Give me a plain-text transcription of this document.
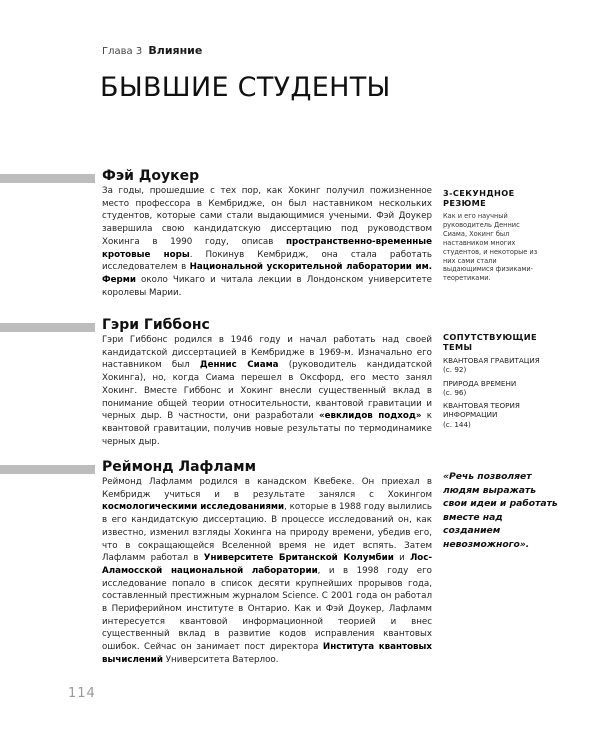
Глава 3 Влияние
БЫВШИЕ СТУДЕНТЫ
Фэй Доукер

За годы, прошедшие с тех пор, как Хокинг получил пожизненное место профессора в Кембридже, он был наставником нескольких студентов, которые сами стали выдающимися учеными. Фэй Доукер завершила свою кандидатскую диссертацию под руководством Хокинга в 1990 году, описав пространственно-временные кротовые норы. Покинув Кембридж, она стала работать исследователем в Национальной ускорительной лаборатории им. Ферми около Чикаго и читала лекции в Лондонском университете королевы Марии.

Гэри Гиббонс

Гэри Гиббонс родился в 1946 году и начал работать над своей кандидатской диссертацией в Кембридже в 1969-м. Изначально его наставником был Деннис Сиама (руководитель кандидатской Хокинга), но, когда Сиама перешел в Оксфорд, его место занял Хокинг. Вместе Гиббонс и Хокинг внесли существенный вклад в понимание общей теории относительности, квантовой гравитации и черных дыр. В частности, они разработали «евклидов подход» к квантовой гравитации, получив новые результаты по термодинамике черных дыр.

Реймонд Лафламм

Реймонд Лафламм родился в канадском Квебеке. Он приехал в Кембридж учиться и в результате занялся с Хокингом космологическими исследованиями, которые в 1988 году вылились в его кандидатскую диссертацию. В процессе исследований он, как известно, изменил взгляды Хокинга на природу времени, убедив его, что в сокращающейся Вселенной время не идет вспять. Затем Лафламм работал в Университете Британской Колумбии и Лос-Аламосской национальной лаборатории, и в 1998 году его исследование попало в список десяти крупнейших прорывов года, составленный престижным журналом Science. С 2001 года он работал в Периферийном институте в Онтарио. Как и Фэй Доукер, Лафламм интересуется квантовой информационной теорией и внес существенный вклад в развитие кодов исправления квантовых ошибок. Сейчас он занимает пост директора Института квантовых вычислений Университета Ватерлоо.

3-СЕКУНДНОЕ РЕЗЮМЕ

Как и его научный руководитель Деннис Сиама, Хокинг был наставником многих студентов, и некоторые из них сами стали выдающимися физиками-теоретиками.

СОПУТСТВУЮЩИЕ ТЕМЫ
КВАНТОВАЯ ГРАВИТАЦИЯ
(с. 92)
ПРИРОДА ВРЕМЕНИ
(с. 96)
КВАНТОВАЯ ТЕОРИЯ ИНФОРМАЦИИ
(с. 144)

«Речь позволяет людям выражать свои идеи и работать вместе над созданием невозможного».

114
